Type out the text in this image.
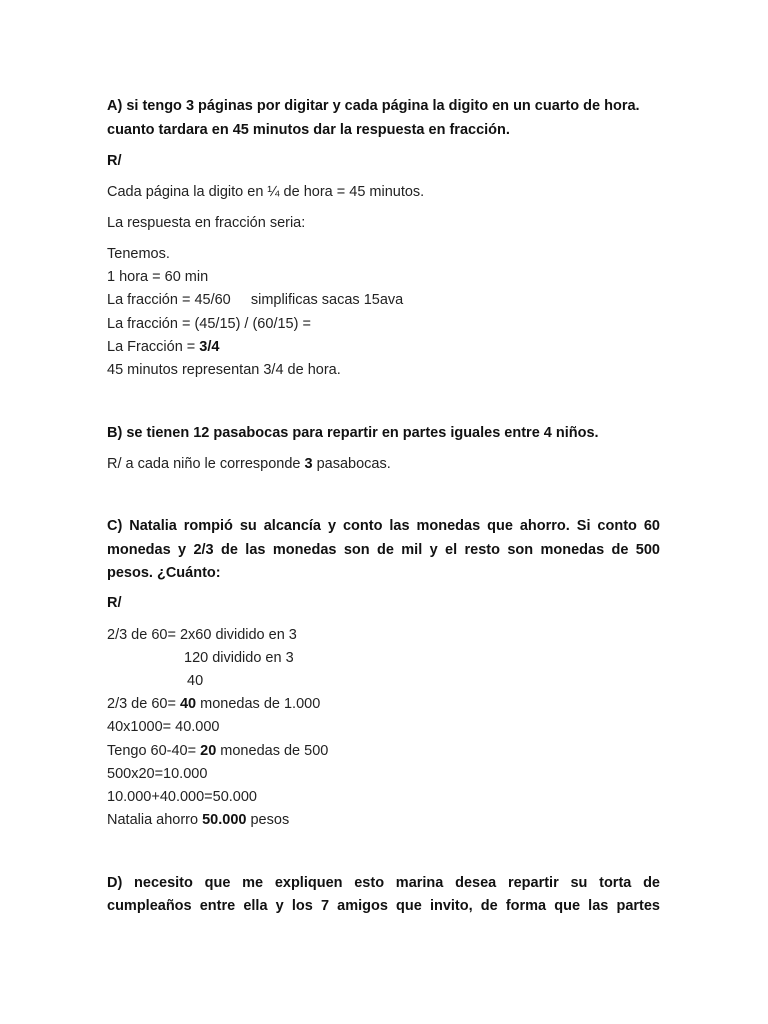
A) si tengo 3 páginas por digitar y cada página la digito en un cuarto de hora.
cuanto tardara en 45 minutos dar la respuesta en fracción.
R/
Cada página la digito en ¼ de hora = 45 minutos.
La respuesta en fracción seria:
Tenemos.
1 hora = 60 min
La fracción = 45/60     simplificas sacas 15ava
La fracción = (45/15) / (60/15) =
La Fracción = 3/4
45 minutos representan 3/4 de hora.
B) se tienen 12 pasabocas para repartir en partes iguales entre 4 niños.
R/ a cada niño le corresponde 3 pasabocas.
C) Natalia rompió su alcancía y conto las monedas que ahorro. Si conto 60
monedas y 2/3 de las monedas son de mil y el resto son monedas de 500
pesos. ¿Cuánto:
R/
2/3 de 60= 2x60 dividido en 3
120 dividido en 3
40
2/3 de 60= 40 monedas de 1.000
40x1000= 40.000
Tengo 60-40= 20 monedas de 500
500x20=10.000
10.000+40.000=50.000
Natalia ahorro 50.000 pesos
D) necesito que me expliquen esto marina desea repartir su torta de
cumpleaños entre ella y los 7 amigos que invito, de forma que las partes
